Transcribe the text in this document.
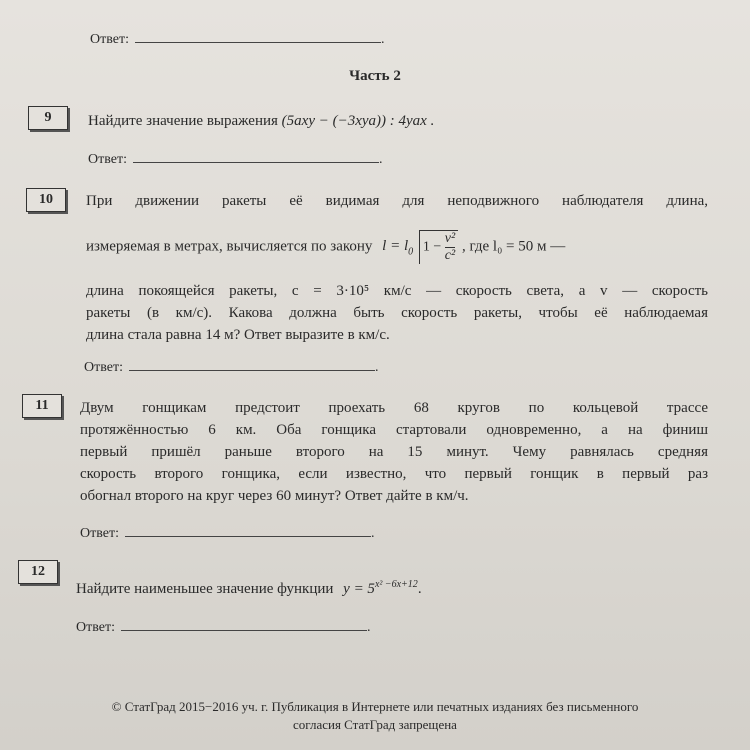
Ответ:	.
Часть 2
9	Найдите значение выражения (5axy − (−3xya)) : 4yax .
Ответ:	.
10	При движении ракеты её видимая для неподвижного наблюдателя длина,
измеряемая в метрах, вычисляется по закону $l = l_0$ $1 - \frac{\text{v²}}{\text{c²}}$ , где l₀ = 50 м —
длина покоящейся ракеты, c = 3·10⁵ км/с — скорость света, а v — скорость
ракеты (в км/с). Какова должна быть скорость ракеты, чтобы её наблюдаемая
длина стала равна 14 м? Ответ выразите в км/с.
Ответ:	.
11	Двум гонщикам предстоит проехать 68 кругов по кольцевой трассе
протяжённостью 6 км. Оба гонщика стартовали одновременно, а на финиш
первый пришёл раньше второго на 15 минут. Чему равнялась средняя
скорость второго гонщика, если известно, что первый гонщик в первый раз
обогнал второго на круг через 60 минут? Ответ дайте в км/ч.
Ответ:	.
12
Найдите наименьшее значение функции $y = 5^{x^2 -6x+12}$.
Ответ:	.
© СтатГрад 2015−2016 уч. г. Публикация в Интернете или печатных изданиях без письменного
согласия СтатГрад запрещена
